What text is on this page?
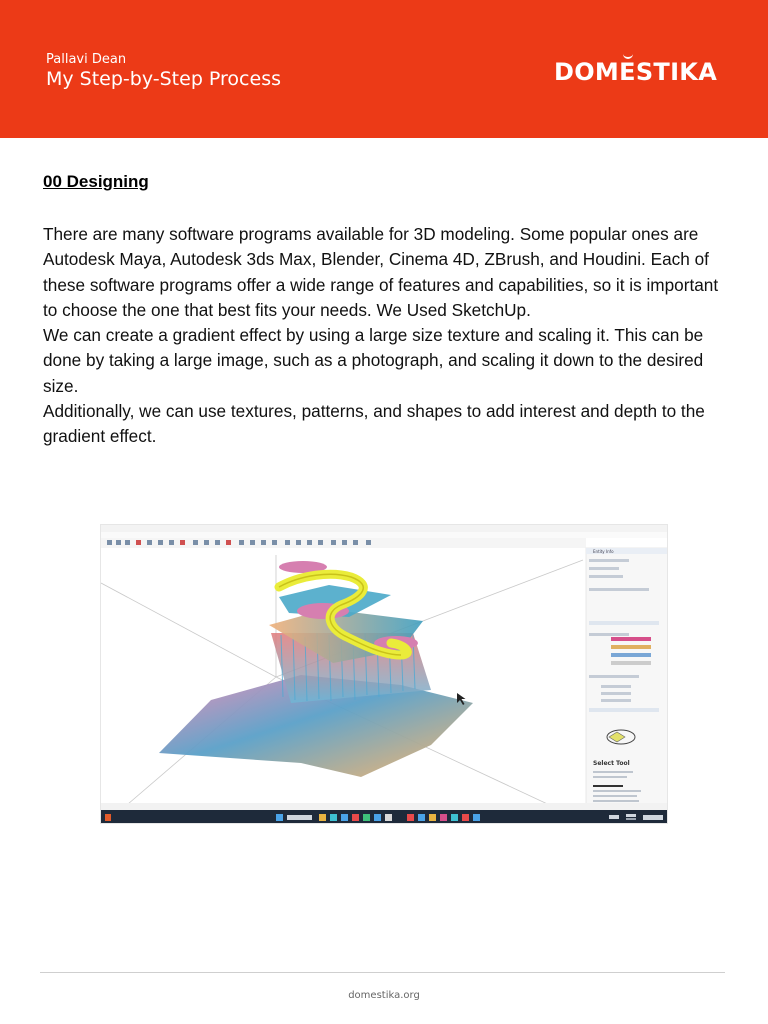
Pallavi Dean
My Step-by-Step Process	DOMESTIKA
00 Designing

There are many software programs available for 3D modeling. Some popular ones are Autodesk Maya, Autodesk 3ds Max, Blender, Cinema 4D, ZBrush, and Houdini. Each of these software programs offer a wide range of features and capabilities, so it is important to choose the one that best fits your needs. We Used SketchUp.

We can create a gradient effect by using a large size texture and scaling it. This can be done by taking a large image, such as a photograph, and scaling it down to the desired size.

Additionally, we can use textures, patterns, and shapes to add interest and depth to the gradient effect.

Select Tool
Entity Info
domestika.org
